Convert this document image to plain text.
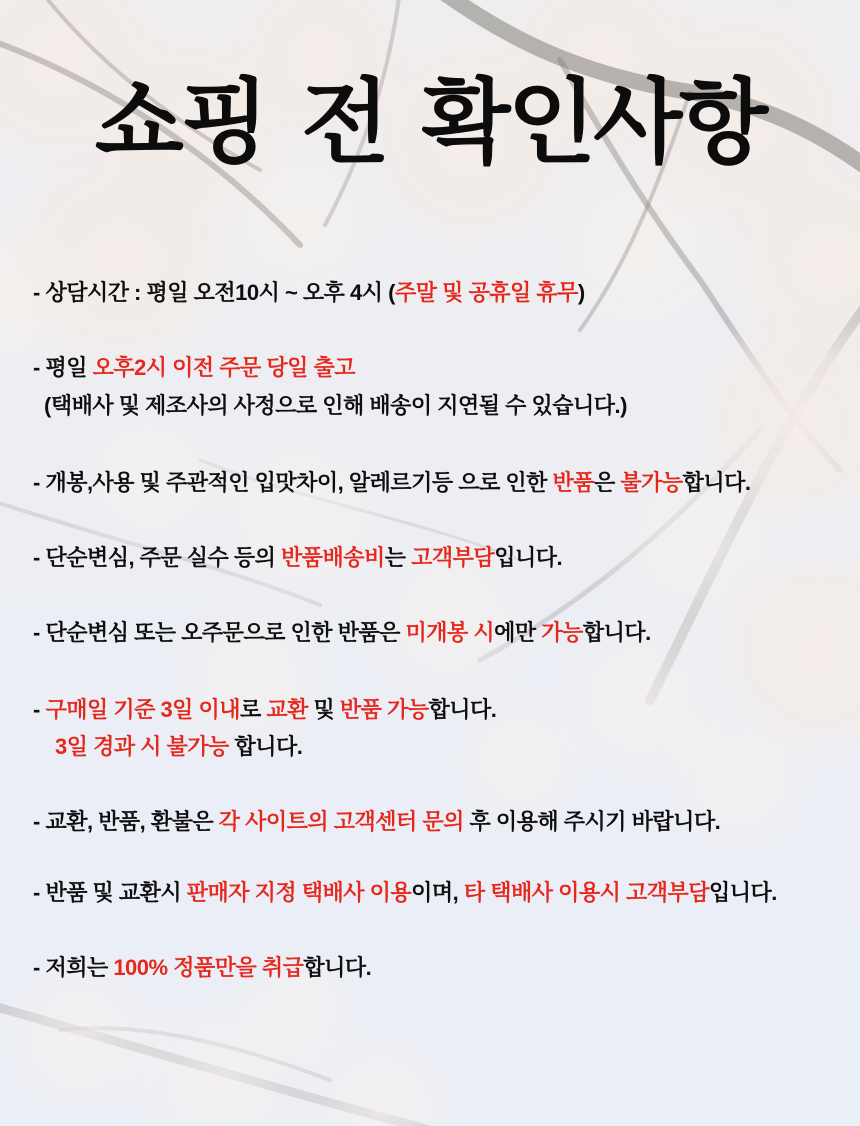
쇼핑 전 확인사항

- 상담시간 : 평일 오전10시 ~ 오후 4시 (주말 및 공휴일 휴무)

- 평일 오후2시 이전 주문 당일 출고

(택배사 및 제조사의 사정으로 인해 배송이 지연될 수 있습니다.)

- 개봉,사용 및 주관적인 입맛차이, 알레르기등 으로 인한 반품은 불가능합니다.

- 단순변심, 주문 실수 등의 반품배송비는 고객부담입니다.

- 단순변심 또는 오주문으로 인한 반품은 미개봉 시에만 가능합니다.

- 구매일 기준 3일 이내로 교환 및 반품 가능합니다.

3일 경과 시 불가능 합니다.

- 교환, 반품, 환불은 각 사이트의 고객센터 문의 후 이용해 주시기 바랍니다.

- 반품 및 교환시 판매자 지정 택배사 이용이며, 타 택배사 이용시 고객부담입니다.

- 저희는 100% 정품만을 취급합니다.
